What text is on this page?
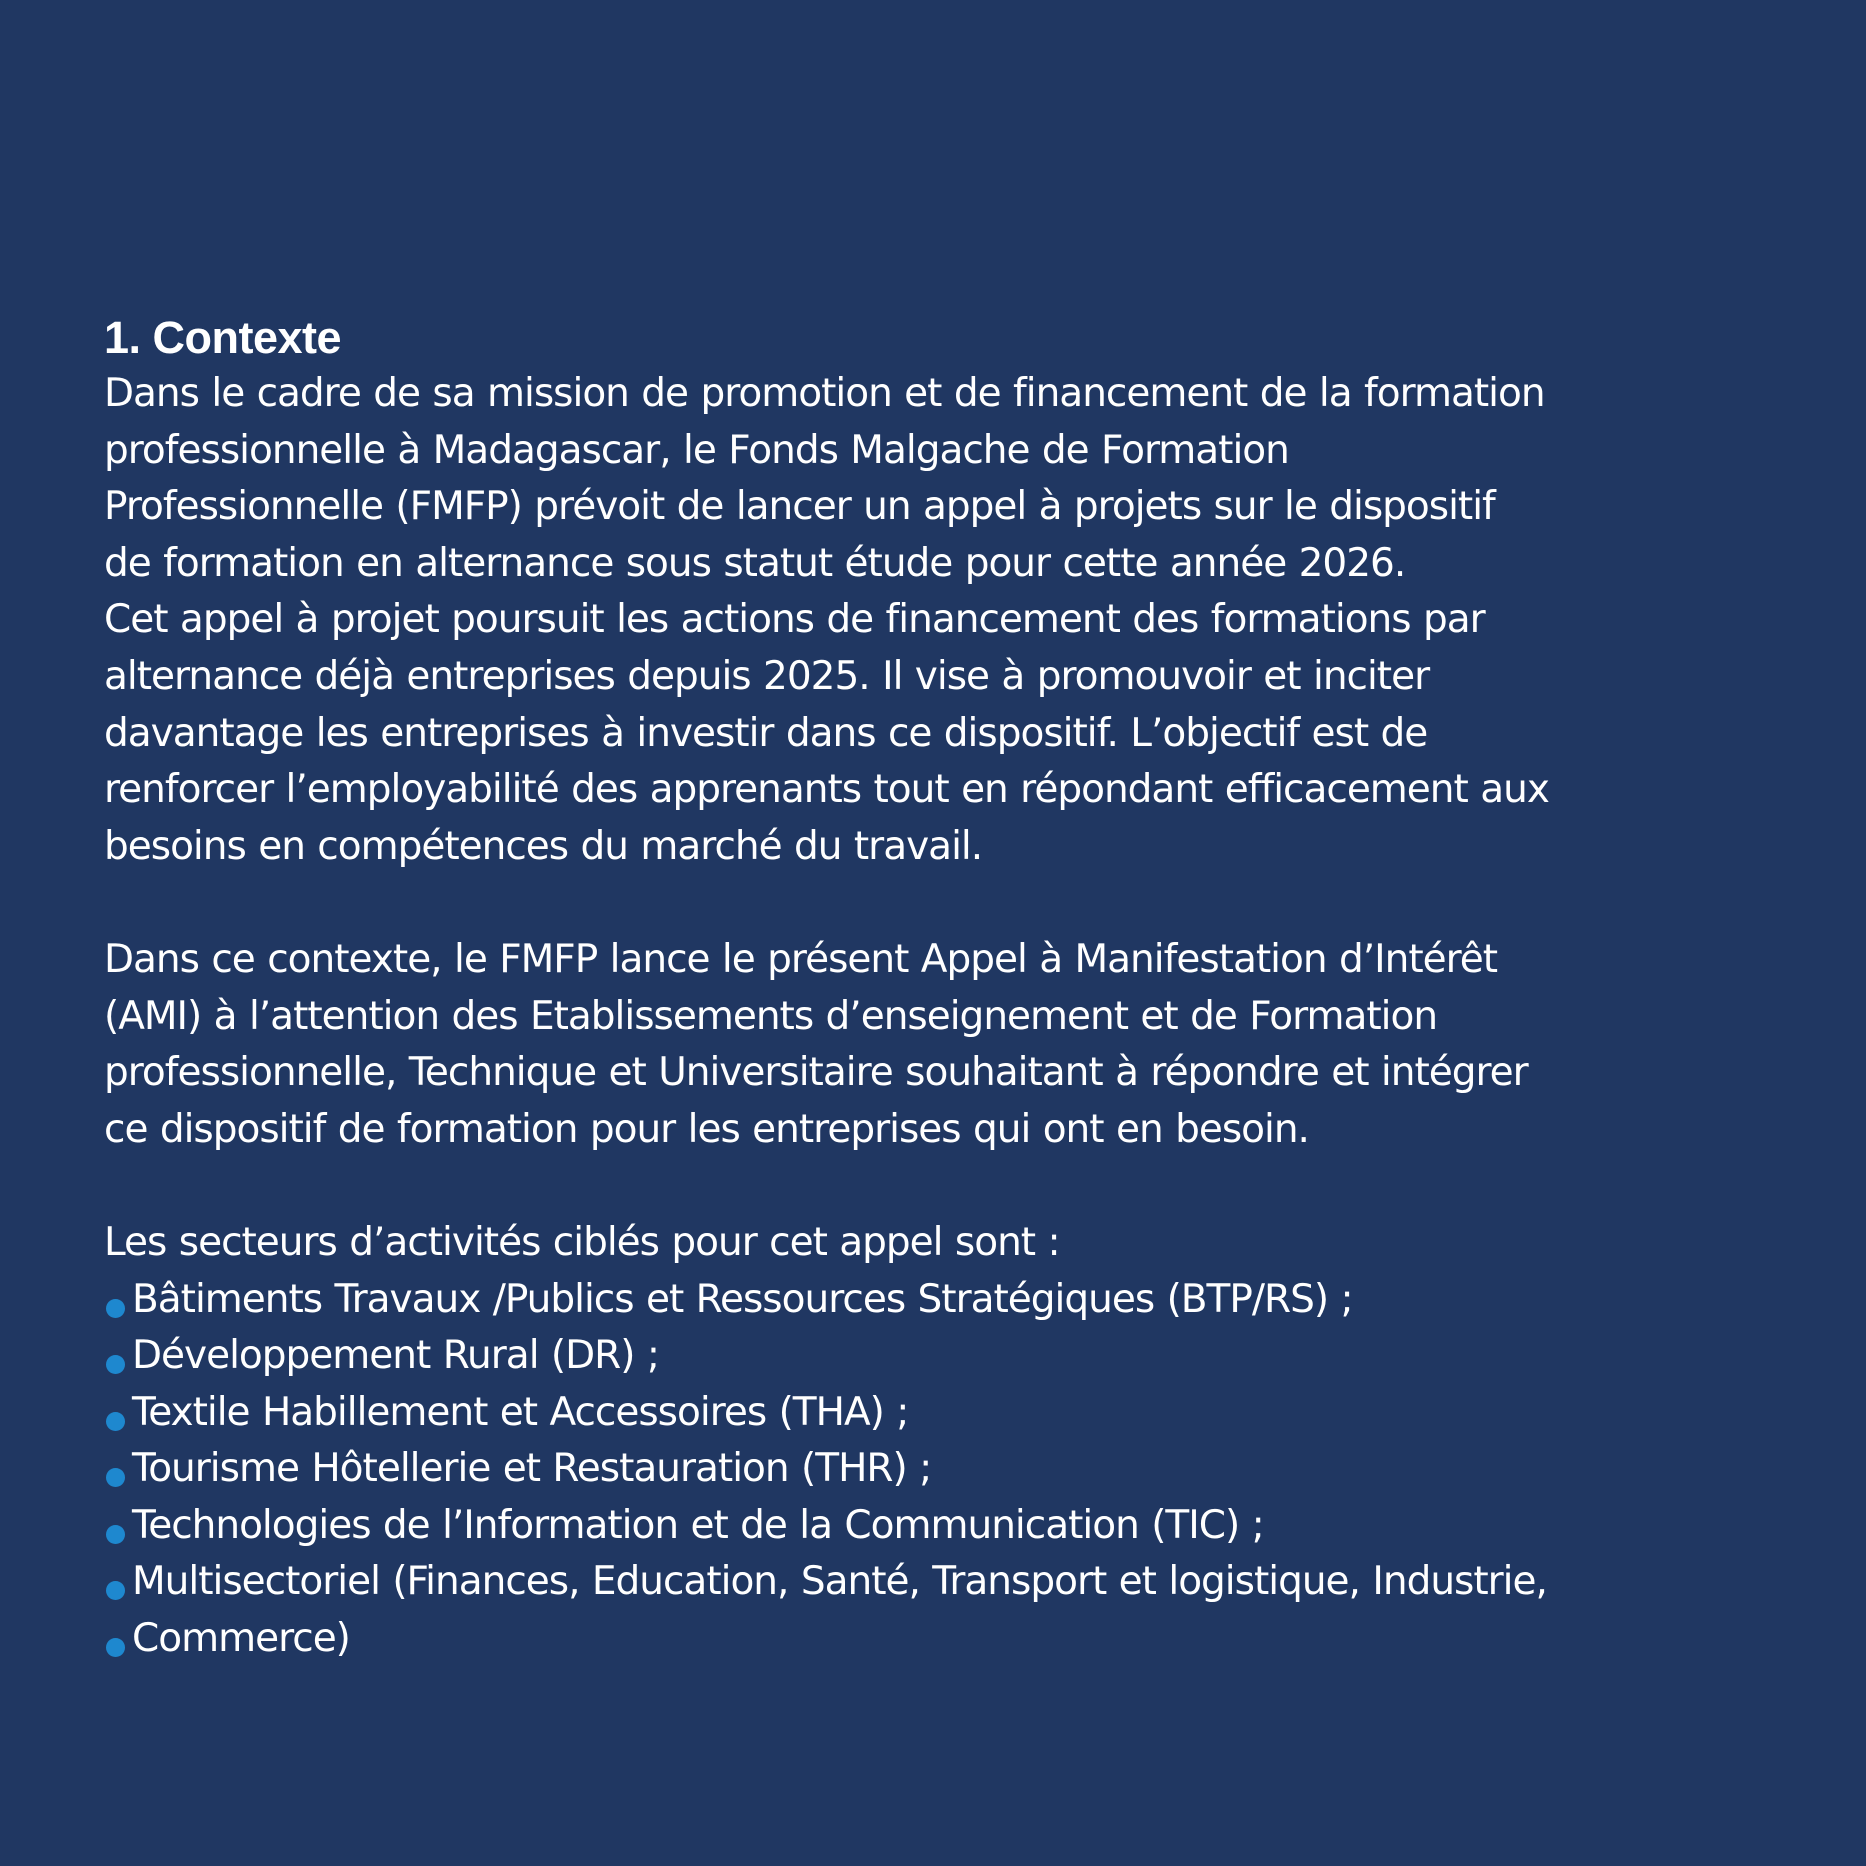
1. Contexte
Dans le cadre de sa mission de promotion et de financement de la formation
professionnelle à Madagascar, le Fonds Malgache de Formation
Professionnelle (FMFP) prévoit de lancer un appel à projets sur le dispositif
de formation en alternance sous statut étude pour cette année 2026.
Cet appel à projet poursuit les actions de financement des formations par
alternance déjà entreprises depuis 2025. Il vise à promouvoir et inciter
davantage les entreprises à investir dans ce dispositif. L’objectif est de
renforcer l’employabilité des apprenants tout en répondant efficacement aux
besoins en compétences du marché du travail.
Dans ce contexte, le FMFP lance le présent Appel à Manifestation d’Intérêt
(AMI) à l’attention des Etablissements d’enseignement et de Formation
professionnelle, Technique et Universitaire souhaitant à répondre et intégrer
ce dispositif de formation pour les entreprises qui ont en besoin.
Les secteurs d’activités ciblés pour cet appel sont :
Bâtiments Travaux /Publics et Ressources Stratégiques (BTP/RS) ;
Développement Rural (DR) ;
Textile Habillement et Accessoires (THA) ;
Tourisme Hôtellerie et Restauration (THR) ;
Technologies de l’Information et de la Communication (TIC) ;
Multisectoriel (Finances, Education, Santé, Transport et logistique, Industrie,
Commerce)
